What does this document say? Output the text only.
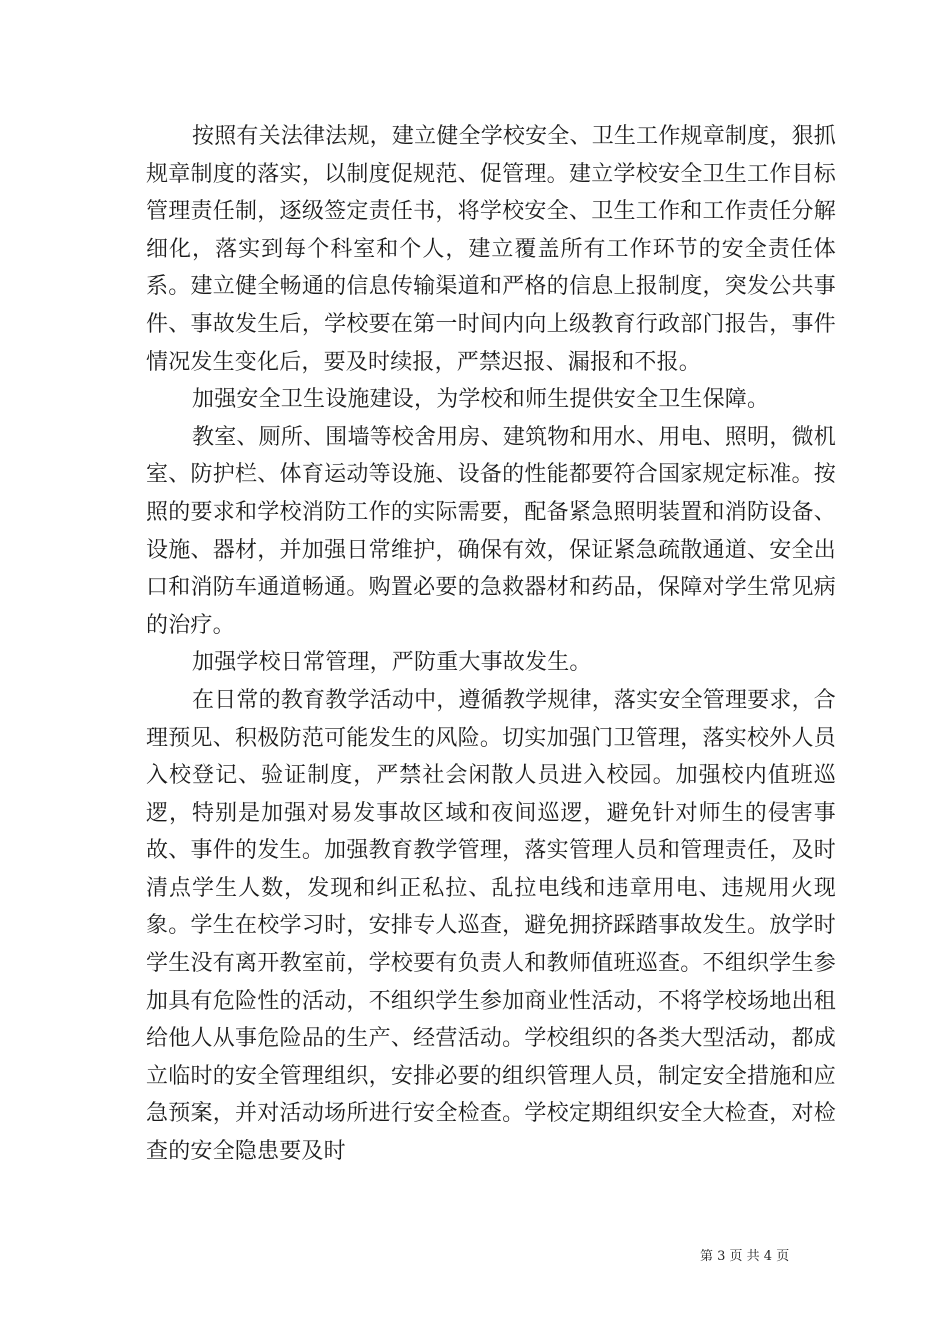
按照有关法律法规，建立健全学校安全、卫生工作规章制度，狠抓规章制度的落实，以制度促规范、促管理。建立学校安全卫生工作目标管理责任制，逐级签定责任书，将学校安全、卫生工作和工作责任分解细化，落实到每个科室和个人，建立覆盖所有工作环节的安全责任体系。建立健全畅通的信息传输渠道和严格的信息上报制度，突发公共事件、事故发生后，学校要在第一时间内向上级教育行政部门报告，事件情况发生变化后，要及时续报，严禁迟报、漏报和不报。

加强安全卫生设施建设，为学校和师生提供安全卫生保障。

教室、厕所、围墙等校舍用房、建筑物和用水、用电、照明，微机室、防护栏、体育运动等设施、设备的性能都要符合国家规定标准。按照的要求和学校消防工作的实际需要，配备紧急照明装置和消防设备、设施、器材，并加强日常维护，确保有效，保证紧急疏散通道、安全出口和消防车通道畅通。购置必要的急救器材和药品，保障对学生常见病的治疗。

加强学校日常管理，严防重大事故发生。

在日常的教育教学活动中，遵循教学规律，落实安全管理要求，合理预见、积极防范可能发生的风险。切实加强门卫管理，落实校外人员入校登记、验证制度，严禁社会闲散人员进入校园。加强校内值班巡逻，特别是加强对易发事故区域和夜间巡逻，避免针对师生的侵害事故、事件的发生。加强教育教学管理，落实管理人员和管理责任，及时清点学生人数，发现和纠正私拉、乱拉电线和违章用电、违规用火现象。学生在校学习时，安排专人巡查，避免拥挤踩踏事故发生。放学时学生没有离开教室前，学校要有负责人和教师值班巡查。不组织学生参加具有危险性的活动，不组织学生参加商业性活动，不将学校场地出租给他人从事危险品的生产、经营活动。学校组织的各类大型活动，都成立临时的安全管理组织，安排必要的组织管理人员，制定安全措施和应急预案，并对活动场所进行安全检查。学校定期组织安全大检查，对检查的安全隐患要及时

第 3 页 共 4 页
